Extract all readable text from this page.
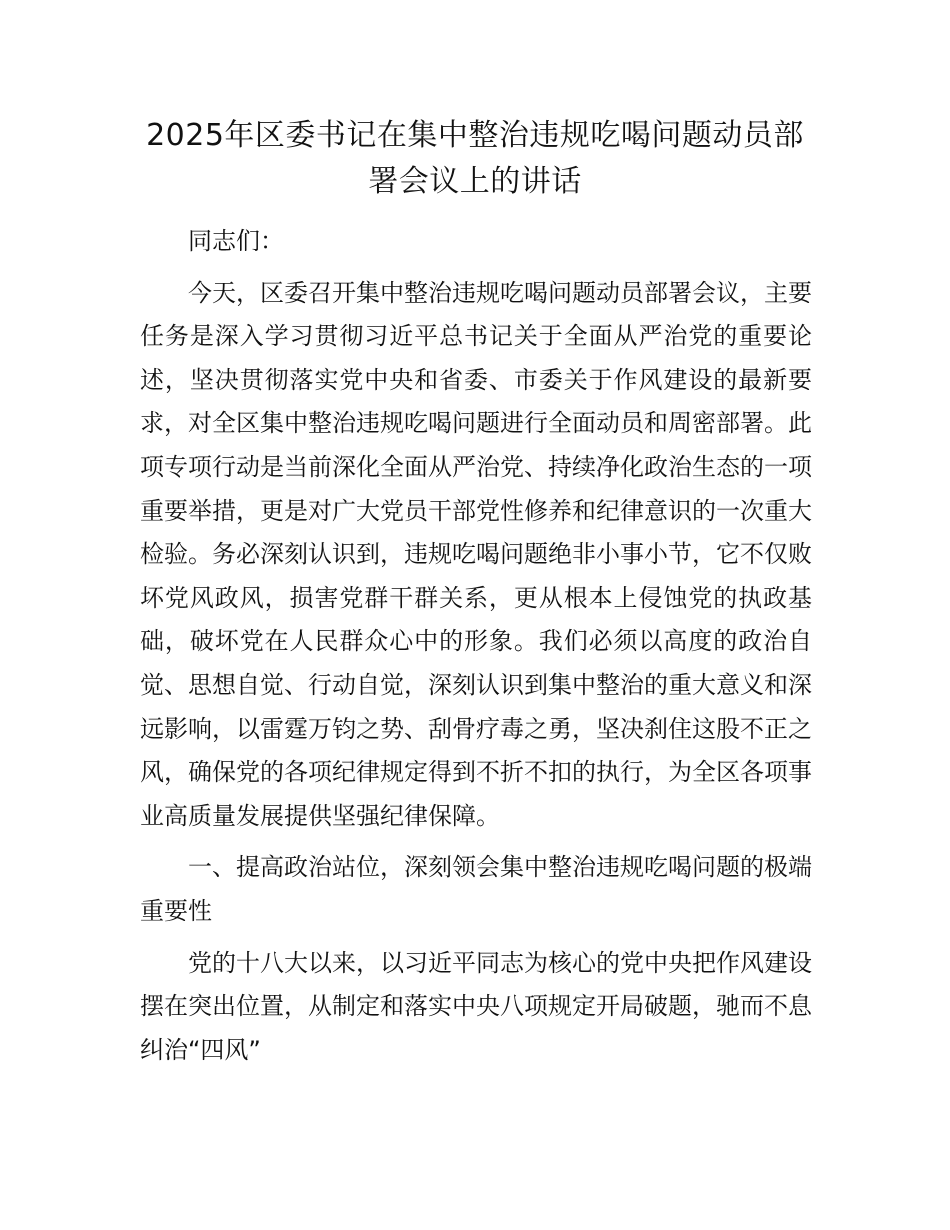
2025年区委书记在集中整治违规吃喝问题动员部署会议上的讲话

同志们：

今天，区委召开集中整治违规吃喝问题动员部署会议，主要任务是深入学习贯彻习近平总书记关于全面从严治党的重要论述，坚决贯彻落实党中央和省委、市委关于作风建设的最新要求，对全区集中整治违规吃喝问题进行全面动员和周密部署。此项专项行动是当前深化全面从严治党、持续净化政治生态的一项重要举措，更是对广大党员干部党性修养和纪律意识的一次重大检验。务必深刻认识到，违规吃喝问题绝非小事小节，它不仅败坏党风政风，损害党群干群关系，更从根本上侵蚀党的执政基础，破坏党在人民群众心中的形象。我们必须以高度的政治自觉、思想自觉、行动自觉，深刻认识到集中整治的重大意义和深远影响，以雷霆万钧之势、刮骨疗毒之勇，坚决刹住这股不正之风，确保党的各项纪律规定得到不折不扣的执行，为全区各项事业高质量发展提供坚强纪律保障。

一、提高政治站位，深刻领会集中整治违规吃喝问题的极端重要性

党的十八大以来，以习近平同志为核心的党中央把作风建设摆在突出位置，从制定和落实中央八项规定开局破题，驰而不息纠治“四风”
